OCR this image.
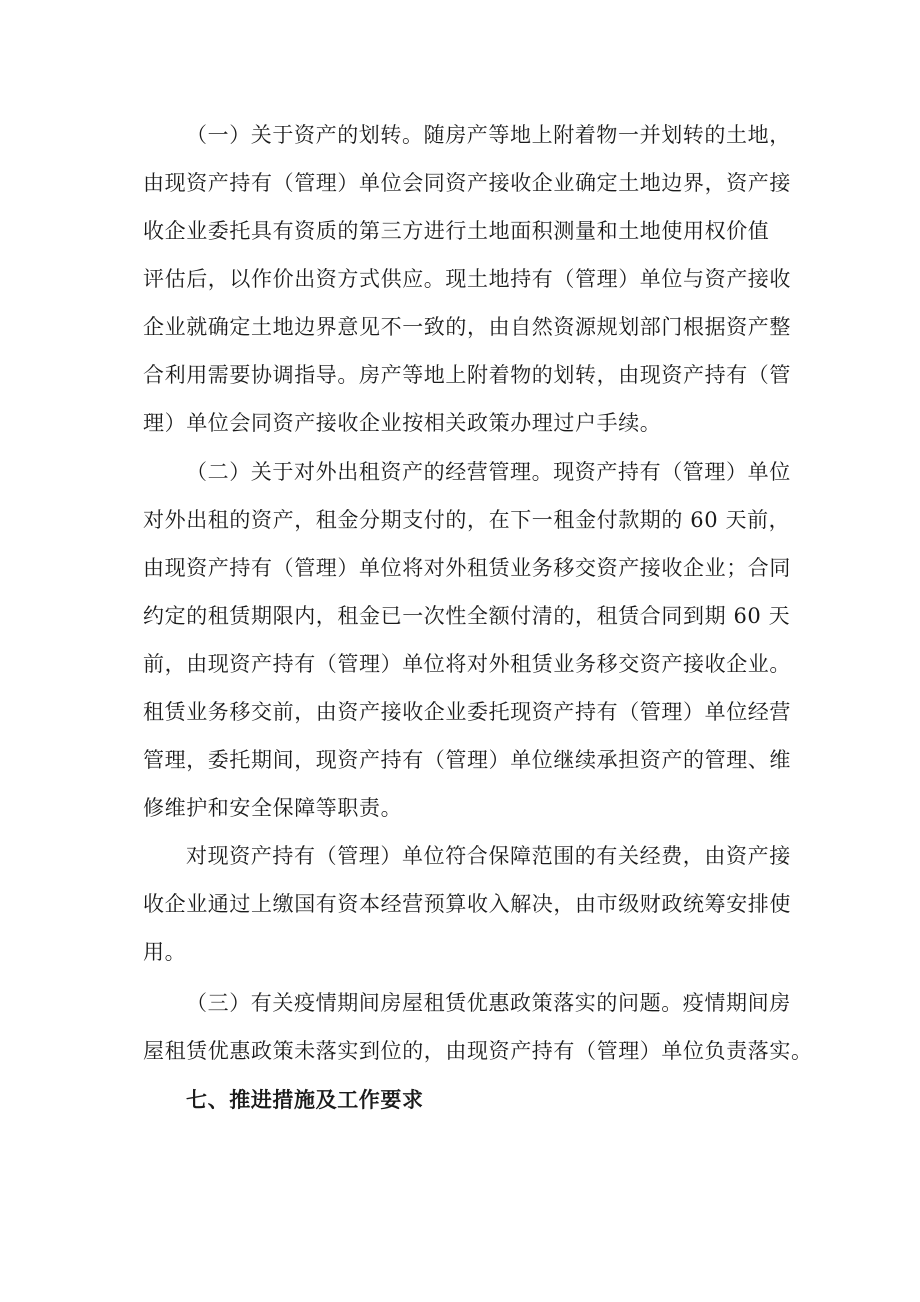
（一）关于资产的划转。随房产等地上附着物一并划转的土地，
由现资产持有（管理）单位会同资产接收企业确定土地边界，资产接
收企业委托具有资质的第三方进行土地面积测量和土地使用权价值
评估后，以作价出资方式供应。现土地持有（管理）单位与资产接收
企业就确定土地边界意见不一致的，由自然资源规划部门根据资产整
合利用需要协调指导。房产等地上附着物的划转，由现资产持有（管
理）单位会同资产接收企业按相关政策办理过户手续。
（二）关于对外出租资产的经营管理。现资产持有（管理）单位
对外出租的资产，租金分期支付的，在下一租金付款期的 60 天前，
由现资产持有（管理）单位将对外租赁业务移交资产接收企业；合同
约定的租赁期限内，租金已一次性全额付清的，租赁合同到期 60 天
前，由现资产持有（管理）单位将对外租赁业务移交资产接收企业。
租赁业务移交前，由资产接收企业委托现资产持有（管理）单位经营
管理，委托期间，现资产持有（管理）单位继续承担资产的管理、维
修维护和安全保障等职责。
对现资产持有（管理）单位符合保障范围的有关经费，由资产接
收企业通过上缴国有资本经营预算收入解决，由市级财政统筹安排使
用。
（三）有关疫情期间房屋租赁优惠政策落实的问题。疫情期间房
屋租赁优惠政策未落实到位的，由现资产持有（管理）单位负责落实。
七、推进措施及工作要求
